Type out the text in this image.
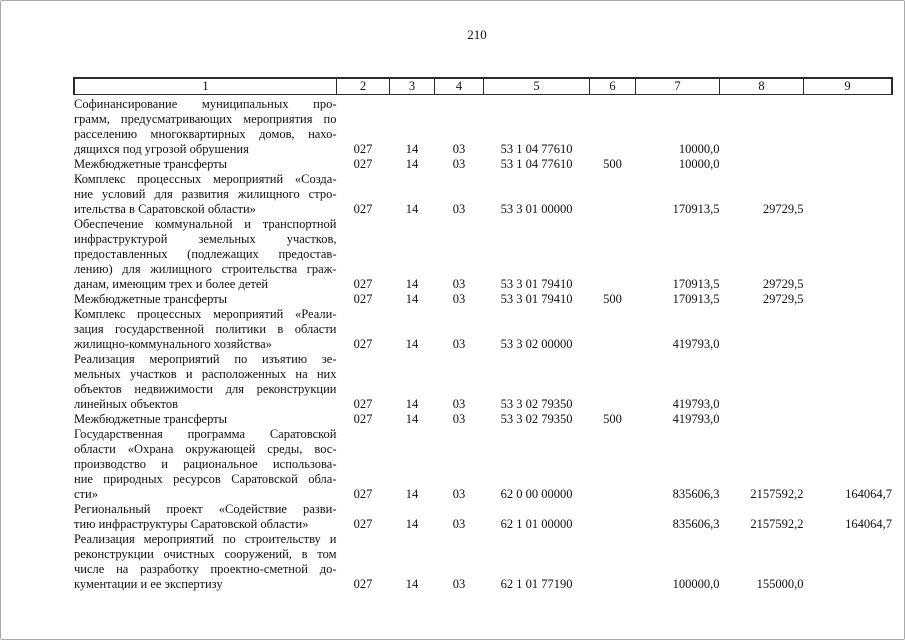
210
1	2	3	4	5	6	7	8	9

Софинансирование муниципальных про-
грамм, предусматривающих мероприятия по
расселению многоквартирных домов, нахо-
дящихся под угрозой обрушения	027	14	03	53 1 04 77610		10000,0		

Межбюджетные трансферты	027	14	03	53 1 04 77610	500	10000,0		

Комплекс процессных мероприятий «Созда-
ние условий для развития жилищного стро-
ительства в Саратовской области»	027	14	03	53 3 01 00000		170913,5	29729,5	

Обеспечение коммунальной и транспортной
инфраструктурой земельных участков,
предоставленных (подлежащих предостав-
лению) для жилищного строительства граж-
данам, имеющим трех и более детей	027	14	03	53 3 01 79410		170913,5	29729,5	

Межбюджетные трансферты	027	14	03	53 3 01 79410	500	170913,5	29729,5	

Комплекс процессных мероприятий «Реали-
зация государственной политики в области
жилищно-коммунального хозяйства»	027	14	03	53 3 02 00000		419793,0		

Реализация мероприятий по изъятию зе-
мельных участков и расположенных на них
объектов недвижимости для реконструкции
линейных объектов	027	14	03	53 3 02 79350		419793,0		

Межбюджетные трансферты	027	14	03	53 3 02 79350	500	419793,0		

Государственная программа Саратовской
области «Охрана окружающей среды, вос-
производство и рациональное использова-
ние природных ресурсов Саратовской обла-
сти»	027	14	03	62 0 00 00000		835606,3	2157592,2	164064,7

Региональный проект «Содействие разви-
тию инфраструктуры Саратовской области»	027	14	03	62 1 01 00000		835606,3	2157592,2	164064,7

Реализация мероприятий по строительству и
реконструкции очистных сооружений, в том
числе на разработку проектно-сметной до-
кументации и ее экспертизу	027	14	03	62 1 01 77190		100000,0	155000,0	
